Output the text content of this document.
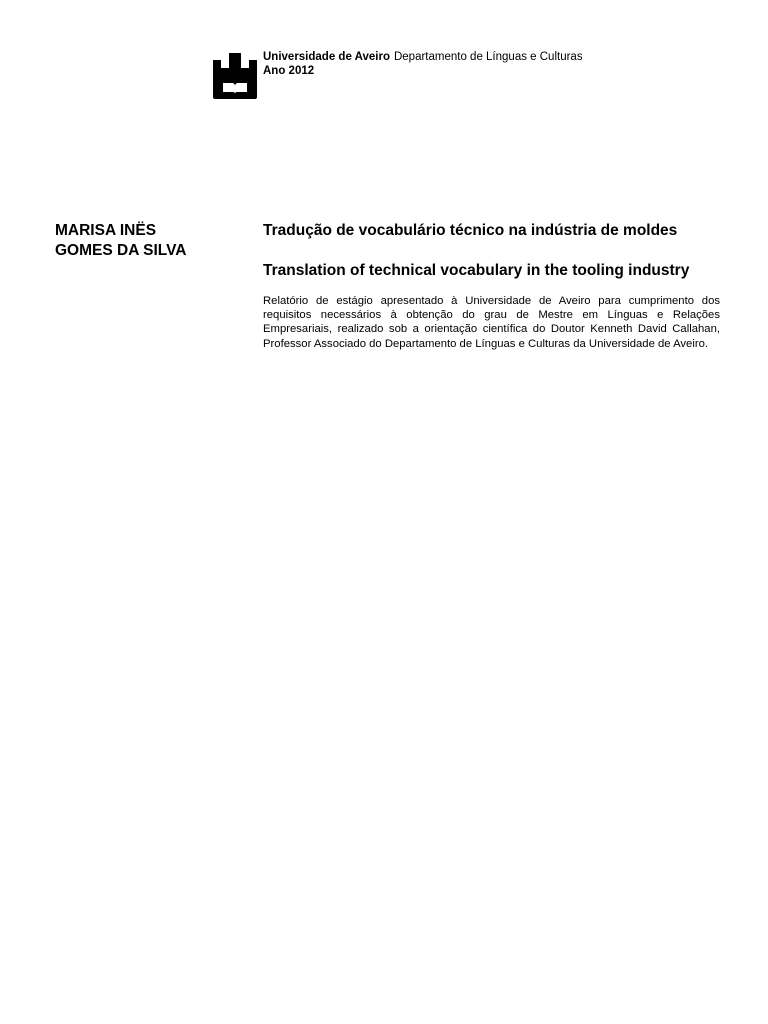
Universidade de Aveiro Departamento de Línguas e Culturas
Ano 2012
MARISA INËS
GOMES DA SILVA

Tradução de vocabulário técnico na indústria de moldes

Translation of technical vocabulary in the tooling industry

Relatório de estágio apresentado à Universidade de Aveiro para cumprimento dos requisitos necessários à obtenção do grau de Mestre em Línguas e Relações Empresariais, realizado sob a orientação científica do Doutor Kenneth David Callahan, Professor Associado do Departamento de Línguas e Culturas da Universidade de Aveiro.
